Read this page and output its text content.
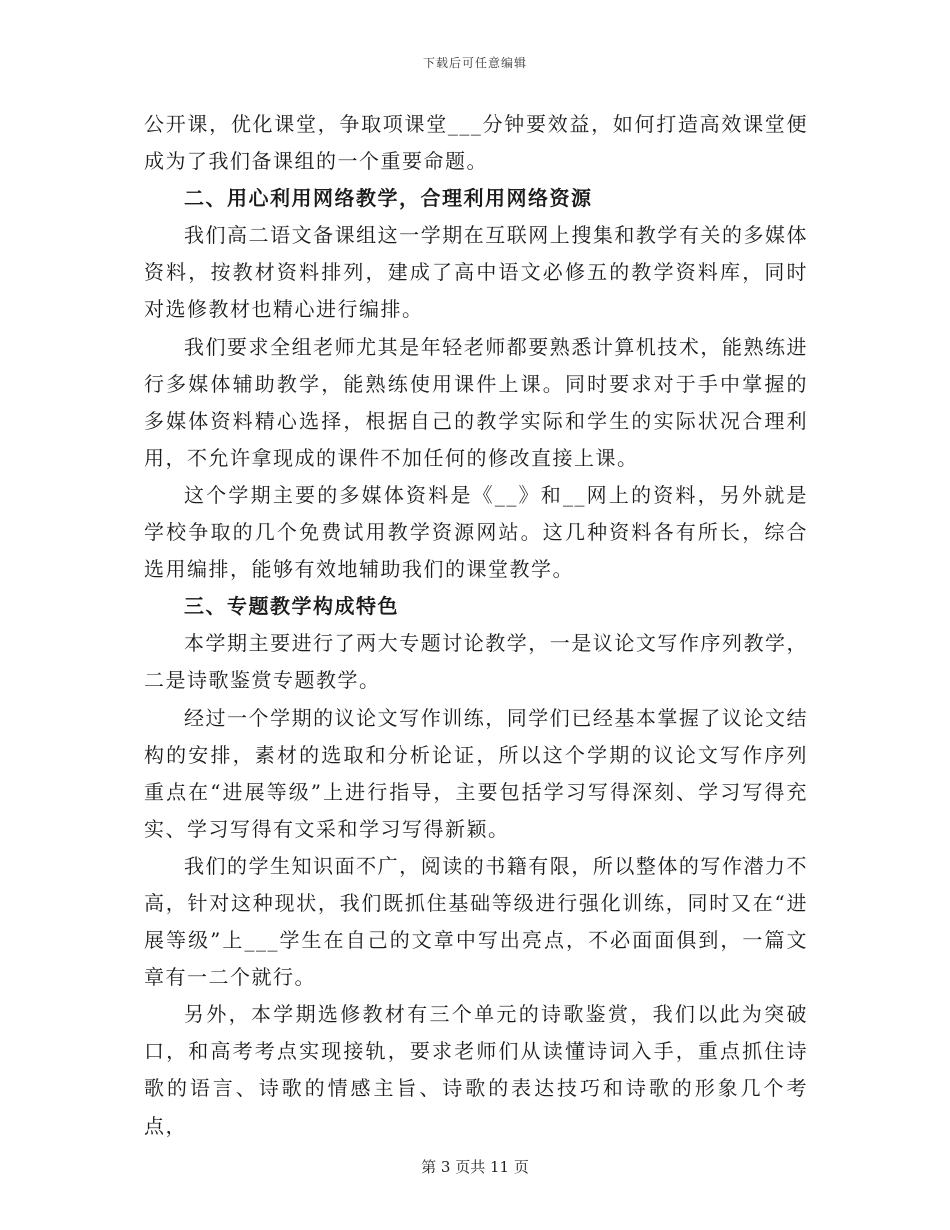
下载后可任意编辑

公开课，优化课堂，争取项课堂___分钟要效益，如何打造高效课堂便成为了我们备课组的一个重要命题。

二、用心利用网络教学，合理利用网络资源

我们高二语文备课组这一学期在互联网上搜集和教学有关的多媒体资料，按教材资料排列，建成了高中语文必修五的教学资料库，同时对选修教材也精心进行编排。

我们要求全组老师尤其是年轻老师都要熟悉计算机技术，能熟练进行多媒体辅助教学，能熟练使用课件上课。同时要求对于手中掌握的多媒体资料精心选择，根据自己的教学实际和学生的实际状况合理利用，不允许拿现成的课件不加任何的修改直接上课。

这个学期主要的多媒体资料是《__》和__网上的资料，另外就是学校争取的几个免费试用教学资源网站。这几种资料各有所长，综合选用编排，能够有效地辅助我们的课堂教学。

三、专题教学构成特色

本学期主要进行了两大专题讨论教学，一是议论文写作序列教学，二是诗歌鉴赏专题教学。

经过一个学期的议论文写作训练，同学们已经基本掌握了议论文结构的安排，素材的选取和分析论证，所以这个学期的议论文写作序列重点在“进展等级”上进行指导，主要包括学习写得深刻、学习写得充实、学习写得有文采和学习写得新颖。

我们的学生知识面不广，阅读的书籍有限，所以整体的写作潜力不高，针对这种现状，我们既抓住基础等级进行强化训练，同时又在“进展等级”上___学生在自己的文章中写出亮点，不必面面俱到，一篇文章有一二个就行。

另外，本学期选修教材有三个单元的诗歌鉴赏，我们以此为突破口，和高考考点实现接轨，要求老师们从读懂诗词入手，重点抓住诗歌的语言、诗歌的情感主旨、诗歌的表达技巧和诗歌的形象几个考点，

第 3 页共 11 页
